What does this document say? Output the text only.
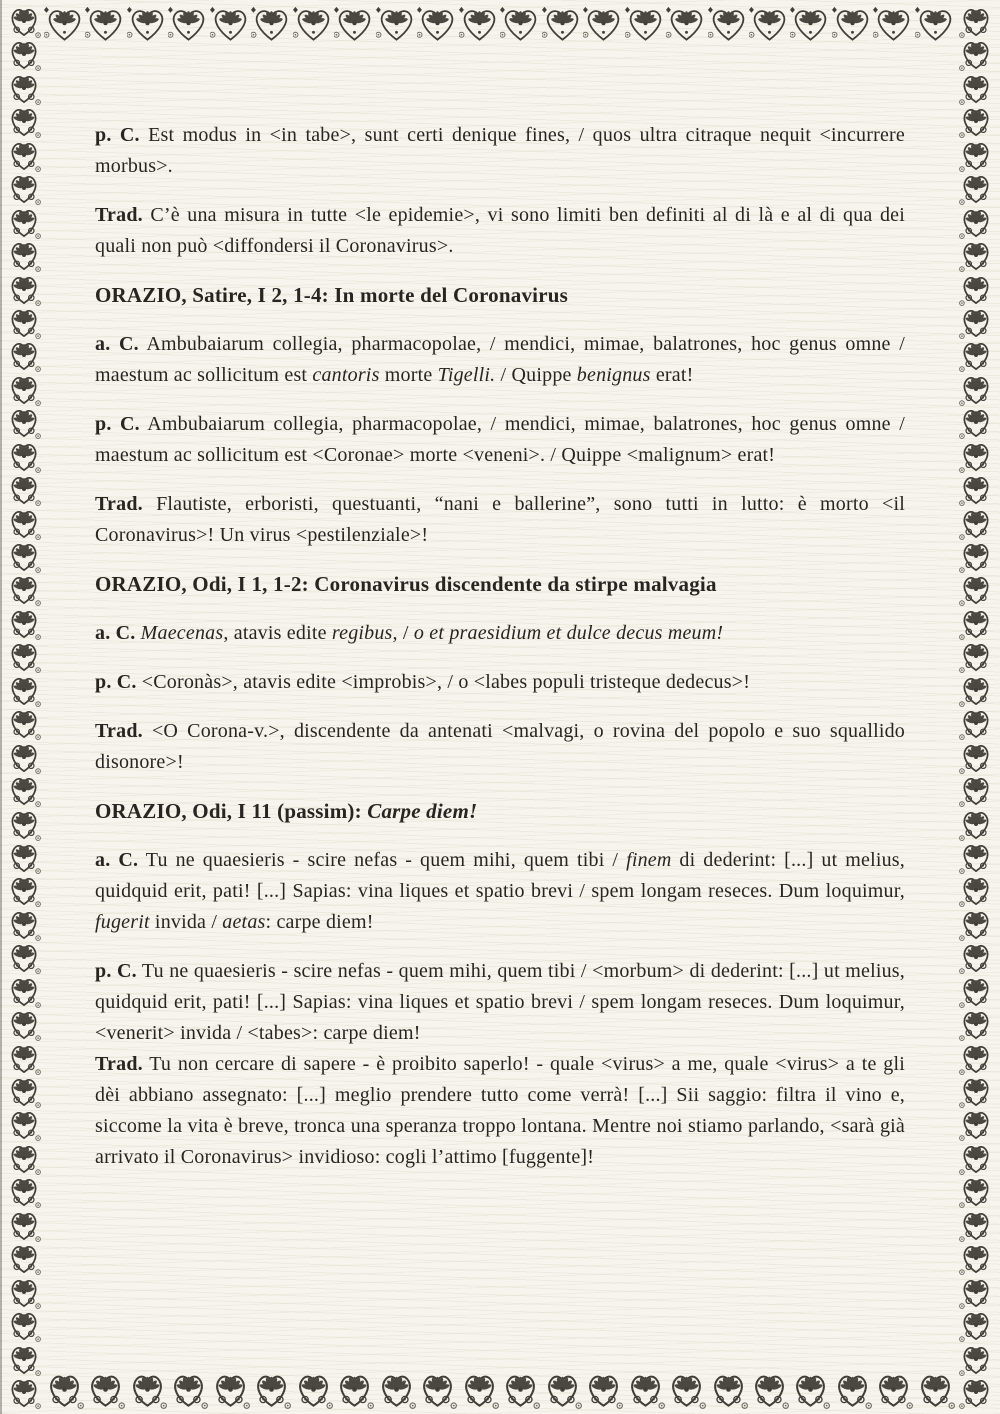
p. C. Est modus in <in tabe>, sunt certi denique fines, / quos ultra citraque nequit <incurrere morbus>.

Trad. C’è una misura in tutte <le epidemie>, vi sono limiti ben definiti al di là e al di qua dei quali non può <diffondersi il Coronavirus>.

ORAZIO, Satire, I 2, 1-4: In morte del Coronavirus

a. C. Ambubaiarum collegia, pharmacopolae, / mendici, mimae, balatrones, hoc genus omne / maestum ac sollicitum est cantoris morte Tigelli. / Quippe benignus erat!

p. C. Ambubaiarum collegia, pharmacopolae, / mendici, mimae, balatrones, hoc genus omne / maestum ac sollicitum est <Coronae> morte <veneni>. / Quippe <malignum> erat!

Trad. Flautiste, erboristi, questuanti, “nani e ballerine”, sono tutti in lutto: è morto <il Coronavirus>! Un virus <pestilenziale>!

ORAZIO, Odi, I 1, 1-2: Coronavirus discendente da stirpe malvagia

a. C. Maecenas, atavis edite regibus, / o et praesidium et dulce decus meum!

p. C. <Coronàs>, atavis edite <improbis>, / o <labes populi tristeque dedecus>!

Trad. <O Corona-v.>, discendente da antenati <malvagi, o rovina del popolo e suo squallido disonore>!

ORAZIO, Odi, I 11 (passim): Carpe diem!

a. C. Tu ne quaesieris - scire nefas - quem mihi, quem tibi / finem di dederint: [...] ut melius, quidquid erit, pati! [...] Sapias: vina liques et spatio brevi / spem longam reseces. Dum loquimur, fugerit invida / aetas: carpe diem!

p. C. Tu ne quaesieris - scire nefas - quem mihi, quem tibi / <morbum> di dederint: [...] ut melius, quidquid erit, pati! [...] Sapias: vina liques et spatio brevi / spem longam reseces. Dum loquimur, <venerit> invida / <tabes>: carpe diem!

Trad. Tu non cercare di sapere - è proibito saperlo! - quale <virus> a me, quale <virus> a te gli dèi abbiano assegnato: [...] meglio prendere tutto come verrà! [...] Sii saggio: filtra il vino e, siccome la vita è breve, tronca una speranza troppo lontana. Mentre noi stiamo parlando, <sarà già arrivato il Coronavirus> invidioso: cogli l’attimo [fuggente]!
